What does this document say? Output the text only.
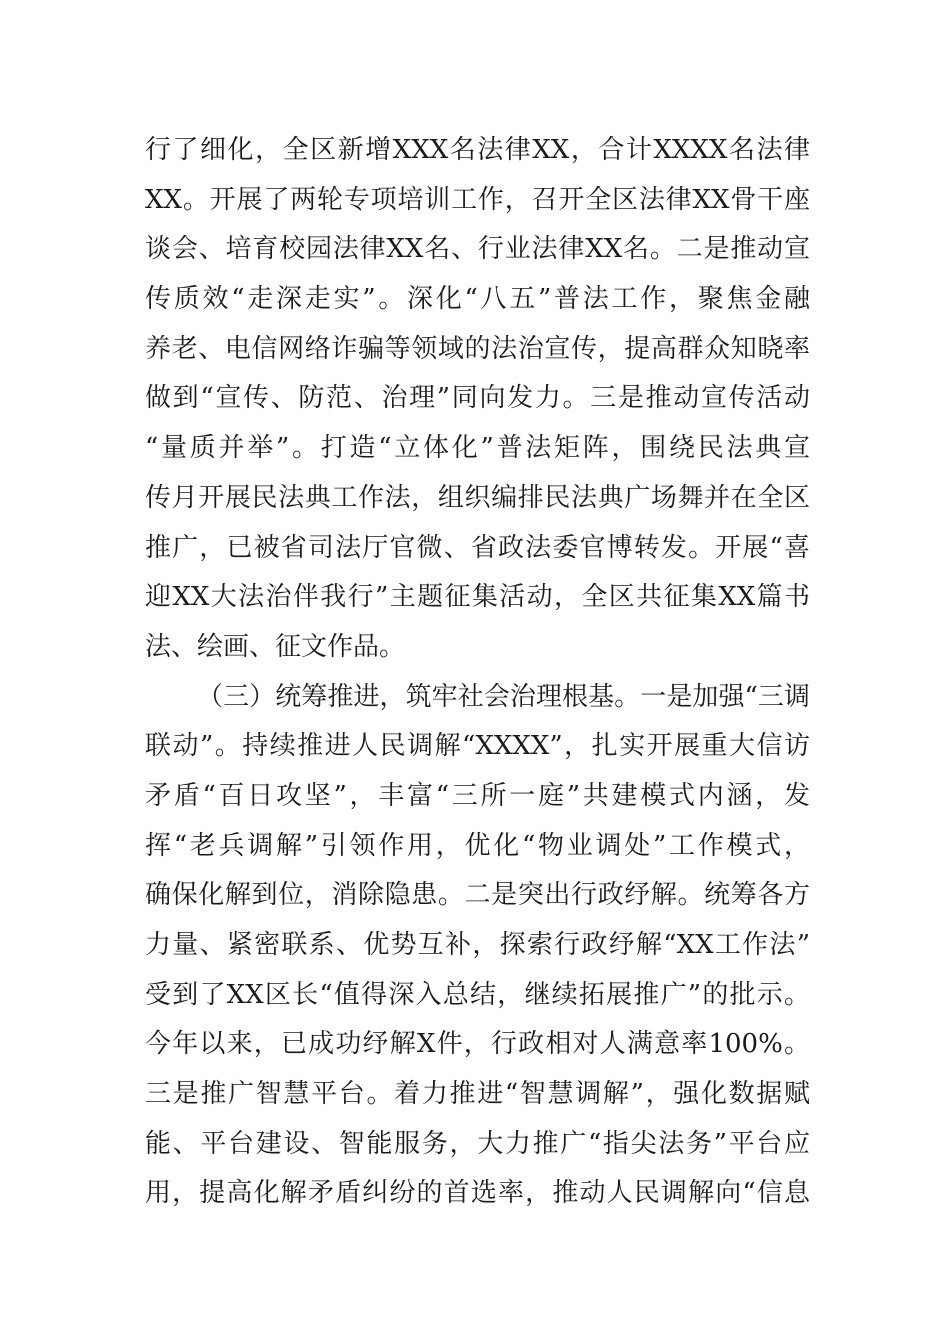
行了细化，全区新增XXX名法律XX，合计XXXX名法律
XX。开展了两轮专项培训工作，召开全区法律XX骨干座
谈会、培育校园法律XX名、行业法律XX名。二是推动宣
传质效“走深走实”。深化“八五”普法工作，聚焦金融
养老、电信网络诈骗等领域的法治宣传，提高群众知晓率
做到“宣传、防范、治理”同向发力。三是推动宣传活动
“量质并举”。打造“立体化”普法矩阵，围绕民法典宣
传月开展民法典工作法，组织编排民法典广场舞并在全区
推广，已被省司法厅官微、省政法委官博转发。开展“喜
迎XX大法治伴我行”主题征集活动，全区共征集XX篇书
法、绘画、征文作品。
（三）统筹推进，筑牢社会治理根基。一是加强“三调
联动”。持续推进人民调解“XXXX”，扎实开展重大信访
矛盾“百日攻坚”，丰富“三所一庭”共建模式内涵，发
挥“老兵调解”引领作用，优化“物业调处”工作模式，
确保化解到位，消除隐患。二是突出行政纾解。统筹各方
力量、紧密联系、优势互补，探索行政纾解“XX工作法”
受到了XX区长“值得深入总结，继续拓展推广”的批示。
今年以来，已成功纾解X件，行政相对人满意率100%。
三是推广智慧平台。着力推进“智慧调解”，强化数据赋
能、平台建设、智能服务，大力推广“指尖法务”平台应
用，提高化解矛盾纠纷的首选率，推动人民调解向“信息
